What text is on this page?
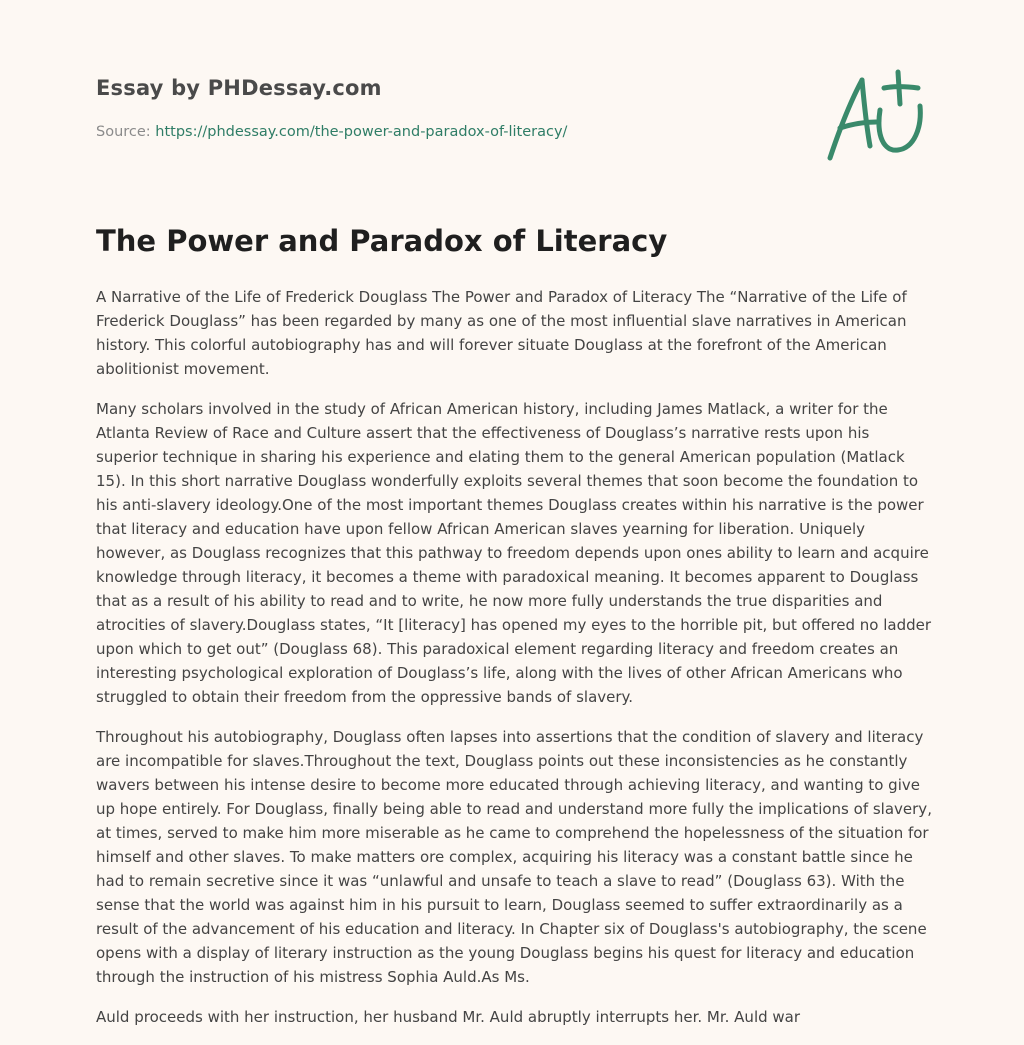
Essay by PHDessay.com
Source: https://phdessay.com/the-power-and-paradox-of-literacy/
The Power and Paradox of Literacy

A Narrative of the Life of Frederick Douglass The Power and Paradox of Literacy The “Narrative of the Life of Frederick Douglass” has been regarded by many as one of the most influential slave narratives in American history. This colorful autobiography has and will forever situate Douglass at the forefront of the American abolitionist movement.

Many scholars involved in the study of African American history, including James Matlack, a writer for the Atlanta Review of Race and Culture assert that the effectiveness of Douglass’s narrative rests upon his superior technique in sharing his experience and elating them to the general American population (Matlack 15). In this short narrative Douglass wonderfully exploits several themes that soon become the foundation to his anti-slavery ideology.One of the most important themes Douglass creates within his narrative is the power that literacy and education have upon fellow African American slaves yearning for liberation. Uniquely however, as Douglass recognizes that this pathway to freedom depends upon ones ability to learn and acquire knowledge through literacy, it becomes a theme with paradoxical meaning. It becomes apparent to Douglass that as a result of his ability to read and to write, he now more fully understands the true disparities and atrocities of slavery.Douglass states, “It [literacy] has opened my eyes to the horrible pit, but offered no ladder upon which to get out” (Douglass 68). This paradoxical element regarding literacy and freedom creates an interesting psychological exploration of Douglass’s life, along with the lives of other African Americans who struggled to obtain their freedom from the oppressive bands of slavery.

Throughout his autobiography, Douglass often lapses into assertions that the condition of slavery and literacy are incompatible for slaves.Throughout the text, Douglass points out these inconsistencies as he constantly wavers between his intense desire to become more educated through achieving literacy, and wanting to give up hope entirely. For Douglass, finally being able to read and understand more fully the implications of slavery, at times, served to make him more miserable as he came to comprehend the hopelessness of the situation for himself and other slaves. To make matters ore complex, acquiring his literacy was a constant battle since he had to remain secretive since it was “unlawful and unsafe to teach a slave to read” (Douglass 63). With the sense that the world was against him in his pursuit to learn, Douglass seemed to suffer extraordinarily as a result of the advancement of his education and literacy. In Chapter six of Douglass's autobiography, the scene opens with a display of literary instruction as the young Douglass begins his quest for literacy and education through the instruction of his mistress Sophia Auld.As Ms.

Auld proceeds with her instruction, her husband Mr. Auld abruptly interrupts her. Mr. Auld war
